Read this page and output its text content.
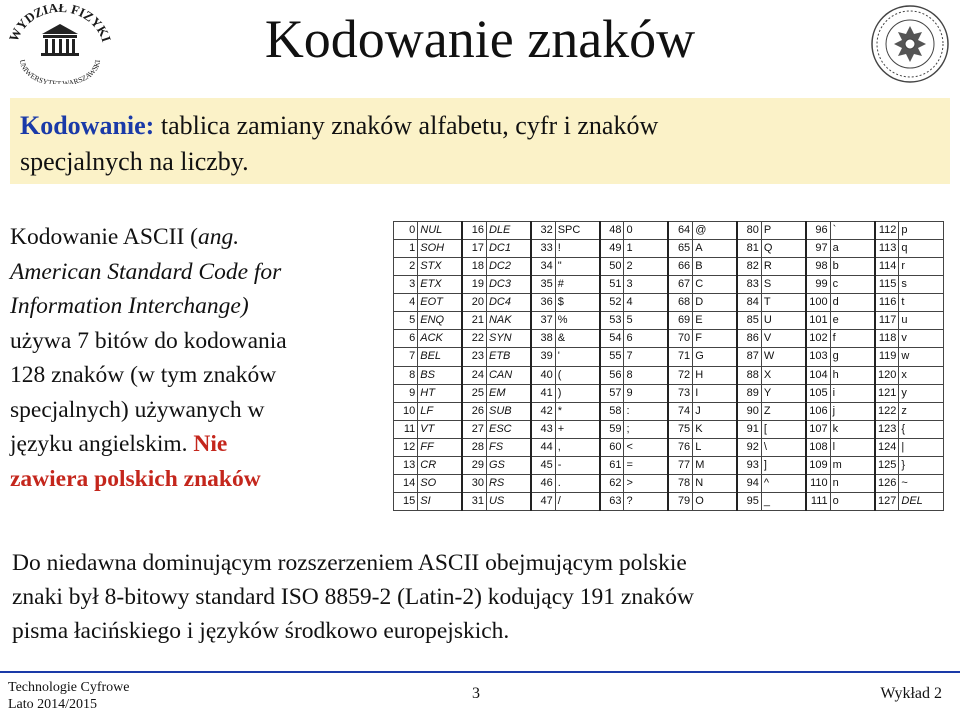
WYDZIAŁ FIZYKI
UNIWERSYTET WARSZAWSKI	Kodowanie znaków
Kodowanie: tablica zamiany znaków alfabetu, cyfr i znaków
specjalnych na liczby.
Kodowanie ASCII (ang.
American Standard Code for
Information Interchange)
używa 7 bitów do kodowania
128 znaków (w tym znaków
specjalnych) używanych w
języku angielskim. Nie
zawiera polskich znaków
0	NUL	16	DLE	32	SPC	48	0	64	@	80	P	96	`	112	p
1	SOH	17	DC1	33	!	49	1	65	A	81	Q	97	a	113	q
2	STX	18	DC2	34	"	50	2	66	B	82	R	98	b	114	r
3	ETX	19	DC3	35	#	51	3	67	C	83	S	99	c	115	s
4	EOT	20	DC4	36	$	52	4	68	D	84	T	100	d	116	t
5	ENQ	21	NAK	37	%	53	5	69	E	85	U	101	e	117	u
6	ACK	22	SYN	38	&	54	6	70	F	86	V	102	f	118	v
7	BEL	23	ETB	39	'	55	7	71	G	87	W	103	g	119	w
8	BS	24	CAN	40	(	56	8	72	H	88	X	104	h	120	x
9	HT	25	EM	41	)	57	9	73	I	89	Y	105	i	121	y
10	LF	26	SUB	42	*	58	:	74	J	90	Z	106	j	122	z
11	VT	27	ESC	43	+	59	;	75	K	91	[	107	k	123	{
12	FF	28	FS	44	,	60	<	76	L	92	\	108	l	124	|
13	CR	29	GS	45	-	61	=	77	M	93	]	109	m	125	}
14	SO	30	RS	46	.	62	>	78	N	94	^	110	n	126	~
15	SI	31	US	47	/	63	?	79	O	95	_	111	o	127	DEL
Do niedawna dominującym rozszerzeniem ASCII obejmującym polskie
znaki był 8-bitowy standard ISO 8859-2 (Latin-2) kodujący 191 znaków
pisma łacińskiego i języków środkowo europejskich.
Technologie Cyfrowe
Lato 2014/2015
3	Wykład 2
